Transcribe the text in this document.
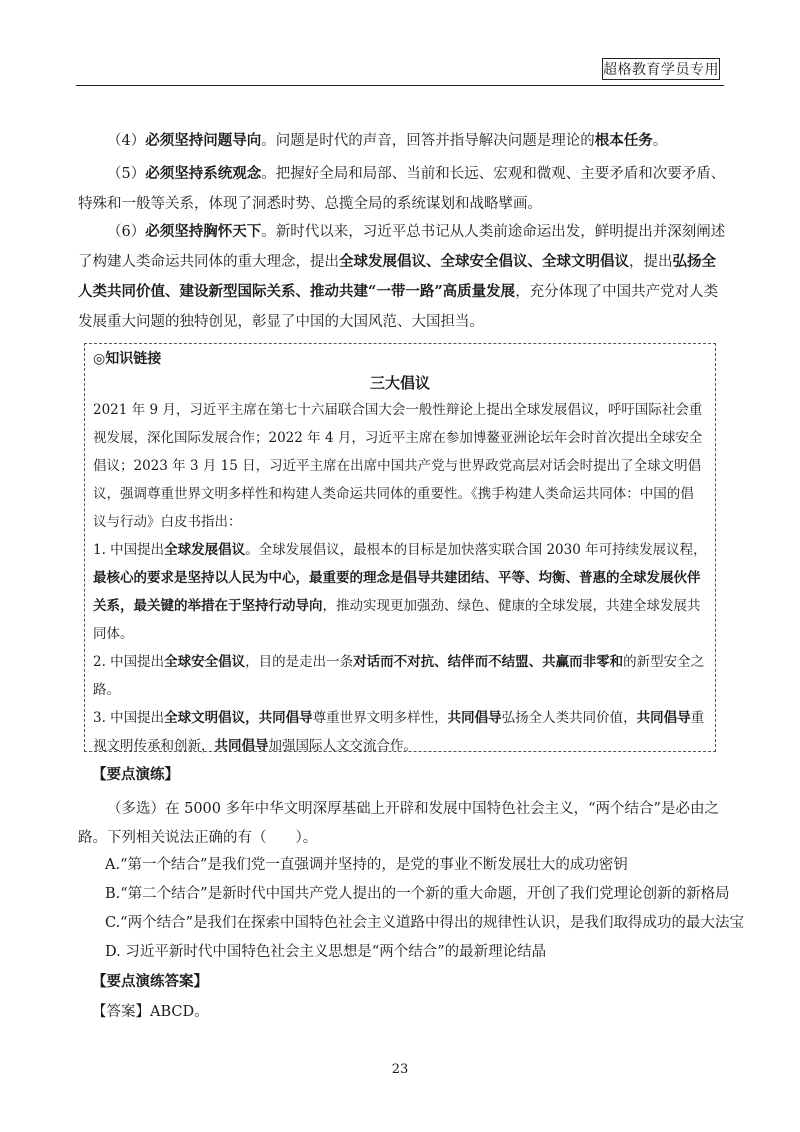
超格教育学员专用

（4）必须坚持问题导向。问题是时代的声音，回答并指导解决问题是理论的根本任务。

（5）必须坚持系统观念。把握好全局和局部、当前和长远、宏观和微观、主要矛盾和次要矛盾、特殊和一般等关系，体现了洞悉时势、总揽全局的系统谋划和战略擘画。

（6）必须坚持胸怀天下。新时代以来，习近平总书记从人类前途命运出发，鲜明提出并深刻阐述了构建人类命运共同体的重大理念，提出全球发展倡议、全球安全倡议、全球文明倡议，提出弘扬全人类共同价值、建设新型国际关系、推动共建“一带一路”高质量发展，充分体现了中国共产党对人类发展重大问题的独特创见，彰显了中国的大国风范、大国担当。

◎知识链接
三大倡议

2021 年 9 月，习近平主席在第七十六届联合国大会一般性辩论上提出全球发展倡议，呼吁国际社会重视发展，深化国际发展合作；2022 年 4 月，习近平主席在参加博鳌亚洲论坛年会时首次提出全球安全倡议；2023 年 3 月 15 日，习近平主席在出席中国共产党与世界政党高层对话会时提出了全球文明倡议，强调尊重世界文明多样性和构建人类命运共同体的重要性。《携手构建人类命运共同体：中国的倡议与行动》白皮书指出：

1. 中国提出全球发展倡议。全球发展倡议，最根本的目标是加快落实联合国 2030 年可持续发展议程，最核心的要求是坚持以人民为中心，最重要的理念是倡导共建团结、平等、均衡、普惠的全球发展伙伴关系，最关键的举措在于坚持行动导向，推动实现更加强劲、绿色、健康的全球发展，共建全球发展共同体。

2. 中国提出全球安全倡议，目的是走出一条对话而不对抗、结伴而不结盟、共赢而非零和的新型安全之路。

3. 中国提出全球文明倡议，共同倡导尊重世界文明多样性，共同倡导弘扬全人类共同价值，共同倡导重视文明传承和创新，共同倡导加强国际人文交流合作。

【要点演练】

（多选）在 5000 多年中华文明深厚基础上开辟和发展中国特色社会主义，“两个结合”是必由之路。下列相关说法正确的有（　　）。

A.“第一个结合”是我们党一直强调并坚持的，是党的事业不断发展壮大的成功密钥
B.“第二个结合”是新时代中国共产党人提出的一个新的重大命题，开创了我们党理论创新的新格局
C.“两个结合”是我们在探索中国特色社会主义道路中得出的规律性认识，是我们取得成功的最大法宝
D. 习近平新时代中国特色社会主义思想是“两个结合”的最新理论结晶
【要点演练答案】
【答案】ABCD。
23
